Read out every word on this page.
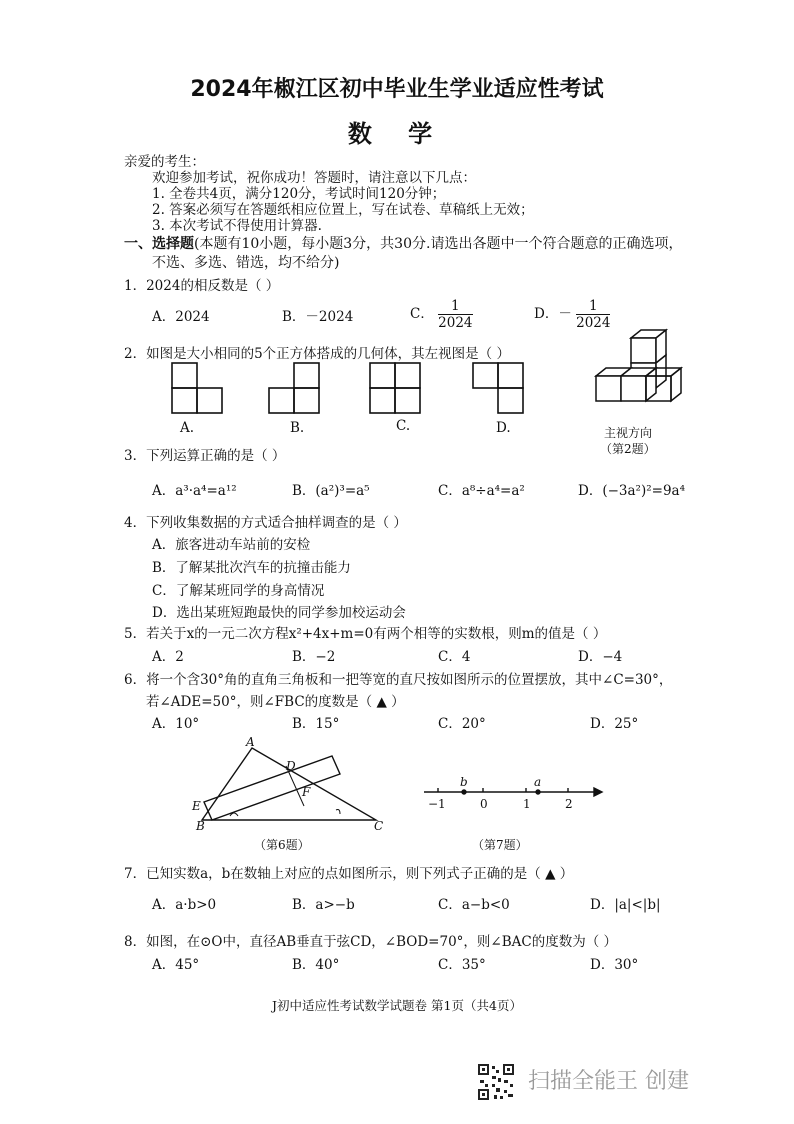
2024年椒江区初中毕业生学业适应性考试
数 学
亲爱的考生：
欢迎参加考试，祝你成功！答题时，请注意以下几点：
1. 全卷共4页，满分120分，考试时间120分钟；
2. 答案必须写在答题纸相应位置上，写在试卷、草稿纸上无效；
3. 本次考试不得使用计算器.
一、选择题(本题有10小题，每小题3分，共30分.请选出各题中一个符合题意的正确选项，
不选、多选、错选，均不给分)
1．2024的相反数是（ ）
A．2024	B．－2024	C． $\frac{1}{2024}$	D．－ $\frac{1}{2024}$
2．如图是大小相同的5个正方体搭成的几何体，其左视图是（ ）
A.	B.	C.	D.	主视方向
（第2题）
3．下列运算正确的是（ ）
A．a³·a⁴=a¹²	B．(a²)³=a⁵	C．a⁸÷a⁴=a²	D．(−3a²)²=9a⁴
4．下列收集数据的方式适合抽样调查的是（ ）
A．旅客进动车站前的安检
B．了解某批次汽车的抗撞击能力
C．了解某班同学的身高情况
D．选出某班短跑最快的同学参加校运动会
5．若关于x的一元二次方程x²+4x+m=0有两个相等的实数根，则m的值是（ ）
A．2	B．−2	C．4	D．−4
6．将一个含30°角的直角三角板和一把等宽的直尺按如图所示的位置摆放，其中∠C=30°，
若∠ADE=50°，则∠FBC的度数是（ ▲ ）
A．10°	B．15°	C．20°	D．25°
A
D
E
F
B	C
（第6题）
−1	0	1	2
b	a
（第7题）
7．已知实数a，b在数轴上对应的点如图所示，则下列式子正确的是（ ▲ ）
A．a·b>0	B．a>−b	C．a−b<0	D．|a|<|b|
8．如图，在⊙O中，直径AB垂直于弦CD，∠BOD=70°，则∠BAC的度数为（ ）
A．45°	B．40°	C．35°	D．30°
J初中适应性考试数学试题卷 第1页（共4页）
扫描全能王 创建
